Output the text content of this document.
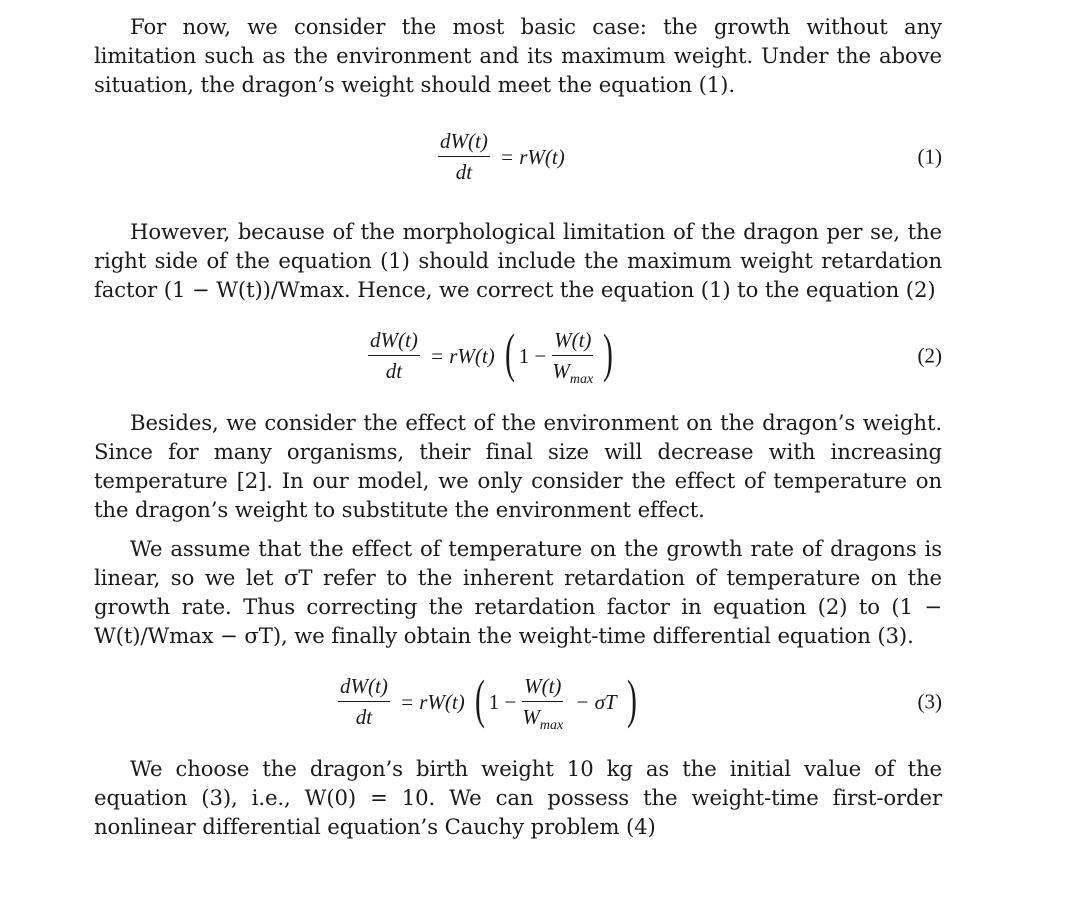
For now, we consider the most basic case: the growth without any limitation such as the environment and its maximum weight. Under the above situation, the dragon’s weight should meet the equation (1).

$\frac{dW(t)}{dt} = rW(t)$	(1)

However, because of the morphological limitation of the dragon per se, the right side of the equation (1) should include the maximum weight retardation factor (1 − W(t))/Wmax. Hence, we correct the equation (1) to the equation (2)

$\frac{dW(t)}{dt} = rW(t)$ ( $1 - \frac{W(t)}{W_{max}}$ )	(2)

Besides, we consider the effect of the environment on the dragon’s weight. Since for many organisms, their final size will decrease with increasing temperature [2]. In our model, we only consider the effect of temperature on the dragon’s weight to substitute the environment effect.

We assume that the effect of temperature on the growth rate of dragons is linear, so we let σT refer to the inherent retardation of temperature on the growth rate. Thus correcting the retardation factor in equation (2) to (1 − W(t)/Wmax − σT), we finally obtain the weight-time differential equation (3).

$\frac{dW(t)}{dt} = rW(t)$ ( $1 - \frac{W(t)}{W_{max}} - \sigma T$ )	(3)

We choose the dragon’s birth weight 10 kg as the initial value of the equation (3), i.e., W(0) = 10. We can possess the weight-time first-order nonlinear differential equation’s Cauchy problem (4)
